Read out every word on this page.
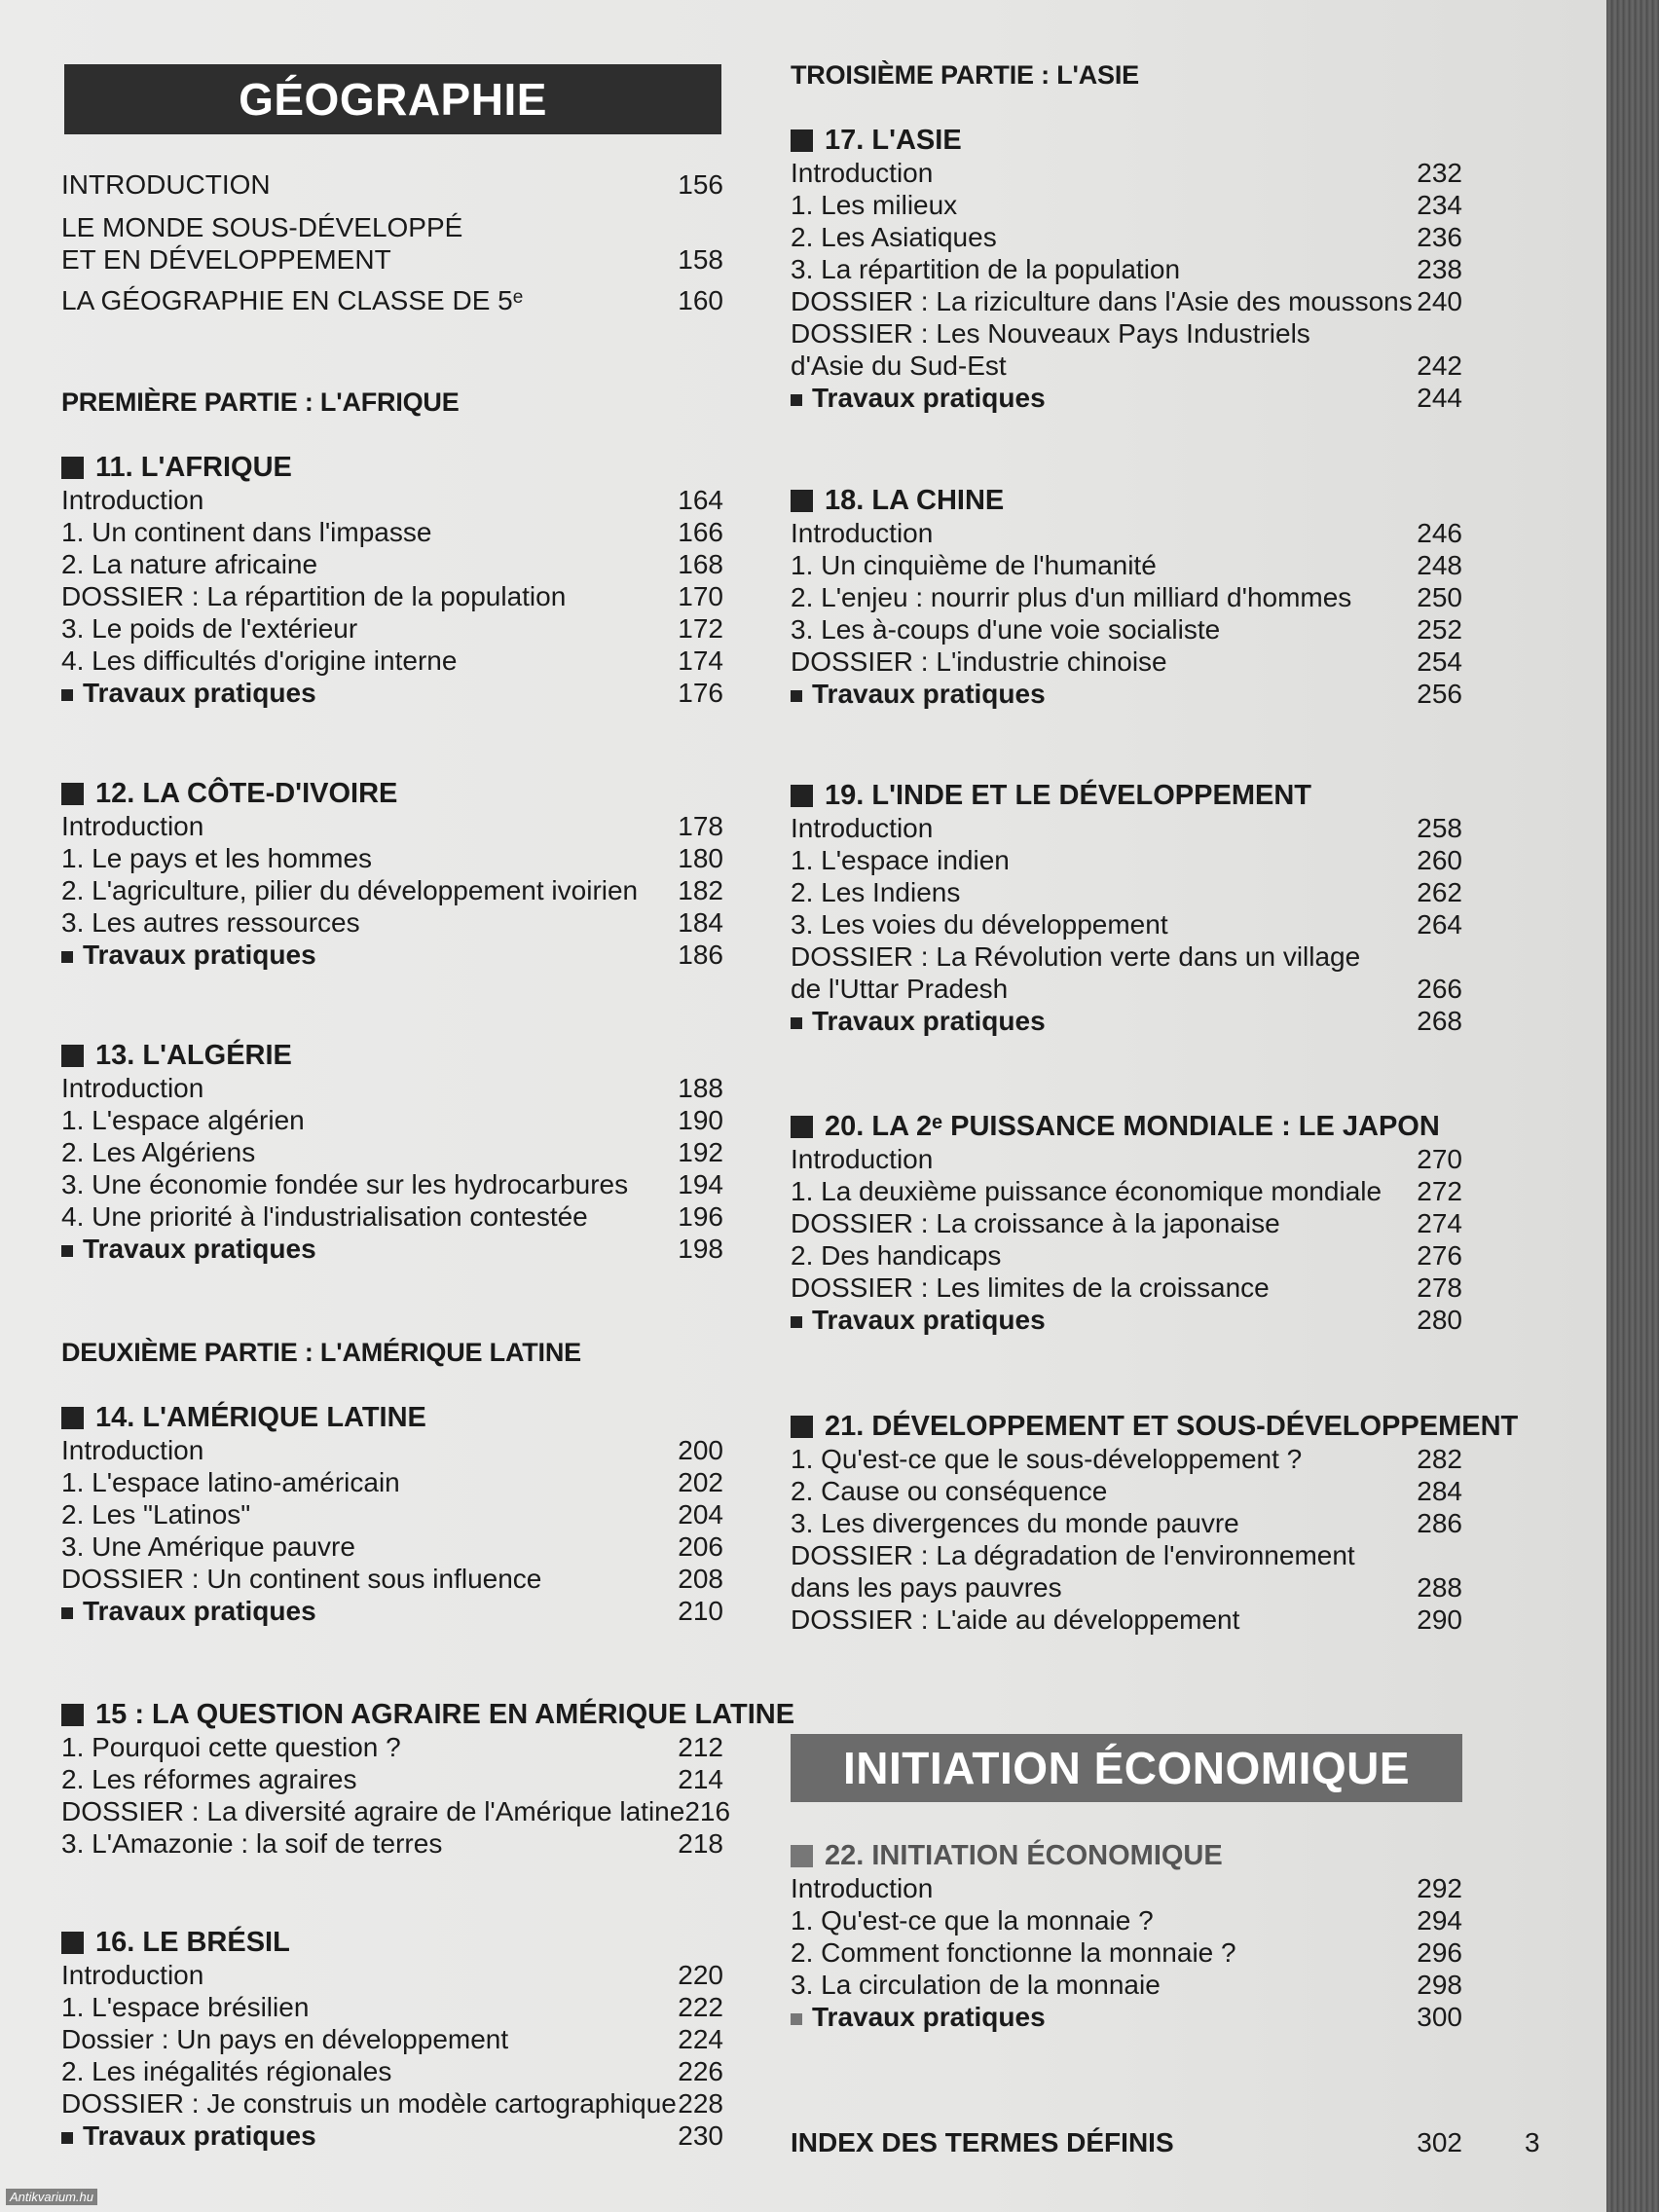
GÉOGRAPHIE
INTRODUCTION	156
LE MONDE SOUS-DÉVELOPPÉ
ET EN DÉVELOPPEMENT	158
LA GÉOGRAPHIE EN CLASSE DE 5ᵉ	160
PREMIÈRE PARTIE : L'AFRIQUE
11. L'AFRIQUE
Introduction	164
1. Un continent dans l'impasse	166
2. La nature africaine	168
DOSSIER : La répartition de la population	170
3. Le poids de l'extérieur	172
4. Les difficultés d'origine interne	174
Travaux pratiques	176
12. LA CÔTE-D'IVOIRE
Introduction	178
1. Le pays et les hommes	180
2. L'agriculture, pilier du développement ivoirien 182
3. Les autres ressources	184
Travaux pratiques	186
13. L'ALGÉRIE
Introduction	188
1. L'espace algérien	190
2. Les Algériens	192
3. Une économie fondée sur les hydrocarbures 194
4. Une priorité à l'industrialisation contestée	196
Travaux pratiques	198
DEUXIÈME PARTIE : L'AMÉRIQUE LATINE
14. L'AMÉRIQUE LATINE
Introduction	200
1. L'espace latino-américain	202
2. Les "Latinos"	204
3. Une Amérique pauvre	206
DOSSIER : Un continent sous influence	208
Travaux pratiques	210
15 : LA QUESTION AGRAIRE EN AMÉRIQUE LATINE
1. Pourquoi cette question ?	212
2. Les réformes agraires	214
DOSSIER : La diversité agraire de l'Amérique latine 216
3. L'Amazonie : la soif de terres	218
16. LE BRÉSIL
Introduction	220
1. L'espace brésilien	222
Dossier : Un pays en développement	224
2. Les inégalités régionales	226
DOSSIER : Je construis un modèle cartographique 228
Travaux pratiques	230
TROISIÈME PARTIE : L'ASIE
17. L'ASIE
Introduction	232
1. Les milieux	234
2. Les Asiatiques	236
3. La répartition de la population	238
DOSSIER : La riziculture dans l'Asie des moussons 240
DOSSIER : Les Nouveaux Pays Industriels
d'Asie du Sud-Est	242
Travaux pratiques	244
18. LA CHINE
Introduction	246
1. Un cinquième de l'humanité	248
2. L'enjeu : nourrir plus d'un milliard d'hommes 250
3. Les à-coups d'une voie socialiste	252
DOSSIER : L'industrie chinoise	254
Travaux pratiques	256
19. L'INDE ET LE DÉVELOPPEMENT
Introduction	258
1. L'espace indien	260
2. Les Indiens	262
3. Les voies du développement	264
DOSSIER : La Révolution verte dans un village
de l'Uttar Pradesh	266
Travaux pratiques	268
20. LA 2ᵉ PUISSANCE MONDIALE : LE JAPON
Introduction	270
1. La deuxième puissance économique mondiale 272
DOSSIER : La croissance à la japonaise	274
2. Des handicaps	276
DOSSIER : Les limites de la croissance	278
Travaux pratiques	280
21. DÉVELOPPEMENT ET SOUS-DÉVELOPPEMENT
1. Qu'est-ce que le sous-développement ?	282
2. Cause ou conséquence	284
3. Les divergences du monde pauvre	286
DOSSIER : La dégradation de l'environnement
dans les pays pauvres	288
DOSSIER : L'aide au développement	290
INITIATION ÉCONOMIQUE
22. INITIATION ÉCONOMIQUE
Introduction	292
1. Qu'est-ce que la monnaie ?	294
2. Comment fonctionne la monnaie ?	296
3. La circulation de la monnaie	298
Travaux pratiques	300
INDEX DES TERMES DÉFINIS	302 3
Antikvarium.hu
